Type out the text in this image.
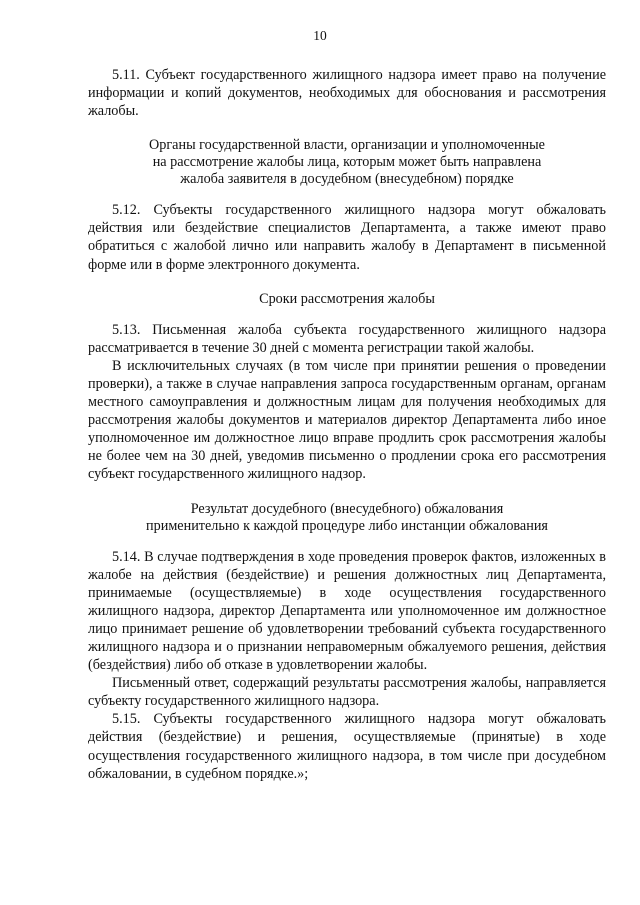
10

5.11. Субъект государственного жилищного надзора имеет право на получение информации и копий документов, необходимых для обоснования и рассмотрения жалобы.

Органы государственной власти, организации и уполномоченные
на рассмотрение жалобы лица, которым может быть направлена
жалоба заявителя в досудебном (внесудебном) порядке

5.12. Субъекты государственного жилищного надзора могут обжаловать действия или бездействие специалистов Департамента, а также имеют право обратиться с жалобой лично или направить жалобу в Департамент в письменной форме или в форме электронного документа.

Сроки рассмотрения жалобы

5.13. Письменная жалоба субъекта государственного жилищного надзора рассматривается в течение 30 дней с момента регистрации такой жалобы.

В исключительных случаях (в том числе при принятии решения о проведении проверки), а также в случае направления запроса государственным органам, органам местного самоуправления и должностным лицам для получения необходимых для рассмотрения жалобы документов и материалов директор Департамента либо иное уполномоченное им должностное лицо вправе продлить срок рассмотрения жалобы не более чем на 30 дней, уведомив письменно о продлении срока его рассмотрения субъект государственного жилищного надзор.

Результат досудебного (внесудебного) обжалования
применительно к каждой процедуре либо инстанции обжалования

5.14. В случае подтверждения в ходе проведения проверок фактов, изложенных в жалобе на действия (бездействие) и решения должностных лиц Департамента, принимаемые (осуществляемые) в ходе осуществления государственного жилищного надзора, директор Департамента или уполномоченное им должностное лицо принимает решение об удовлетворении требований субъекта государственного жилищного надзора и о признании неправомерным обжалуемого решения, действия (бездействия) либо об отказе в удовлетворении жалобы.

Письменный ответ, содержащий результаты рассмотрения жалобы, направляется субъекту государственного жилищного надзора.

5.15. Субъекты государственного жилищного надзора могут обжаловать действия (бездействие) и решения, осуществляемые (принятые) в ходе осуществления государственного жилищного надзора, в том числе при досудебном обжаловании, в судебном порядке.»;
